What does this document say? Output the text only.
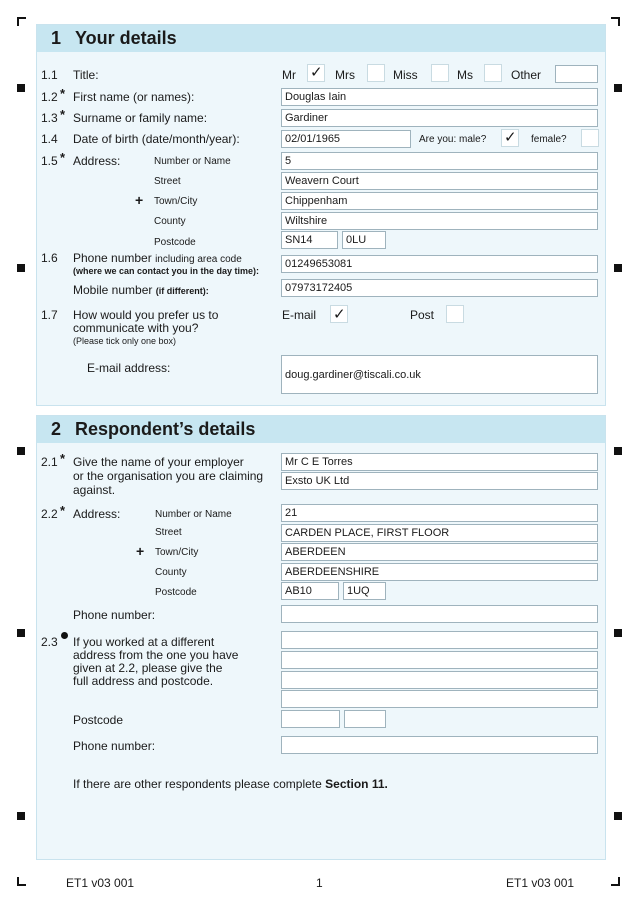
1 Your details
1.1 Title:	Mr ✓ Mrs	Miss	Ms	Other
1.2 * First name (or names):	Douglas Iain
1.3 * Surname or family name:	Gardiner
1.4 Date of birth (date/month/year):	02/01/1965	Are you: male? ✓ female?
1.5 * Address:	Number or Name	5
Street	Weavern Court
+ Town/City	Chippenham
County	Wiltshire
Postcode	SN14	0LU
1.6 Phone number including area code
(where we can contact you in the day time):
01249653081
Mobile number (if different):	07973172405
1.7 How would you prefer us to
communicate with you?
(Please tick only one box)
E-mail ✓	Post
E-mail address:	doug.gardiner@tiscali.co.uk
2 Respondent’s details
2.1 * Give the name of your employer
or the organisation you are claiming
against.
Mr C E Torres
Exsto UK Ltd
2.2 * Address:	Number or Name	21
Street	CARDEN PLACE, FIRST FLOOR
+ Town/City	ABERDEEN
County	ABERDEENSHIRE
Postcode	AB10	1UQ
Phone number:
2.3 If you worked at a different
address from the one you have
given at 2.2, please give the
full address and postcode.
Postcode
Phone number:
If there are other respondents please complete Section 11.
ET1 v03 001	1	ET1 v03 001
